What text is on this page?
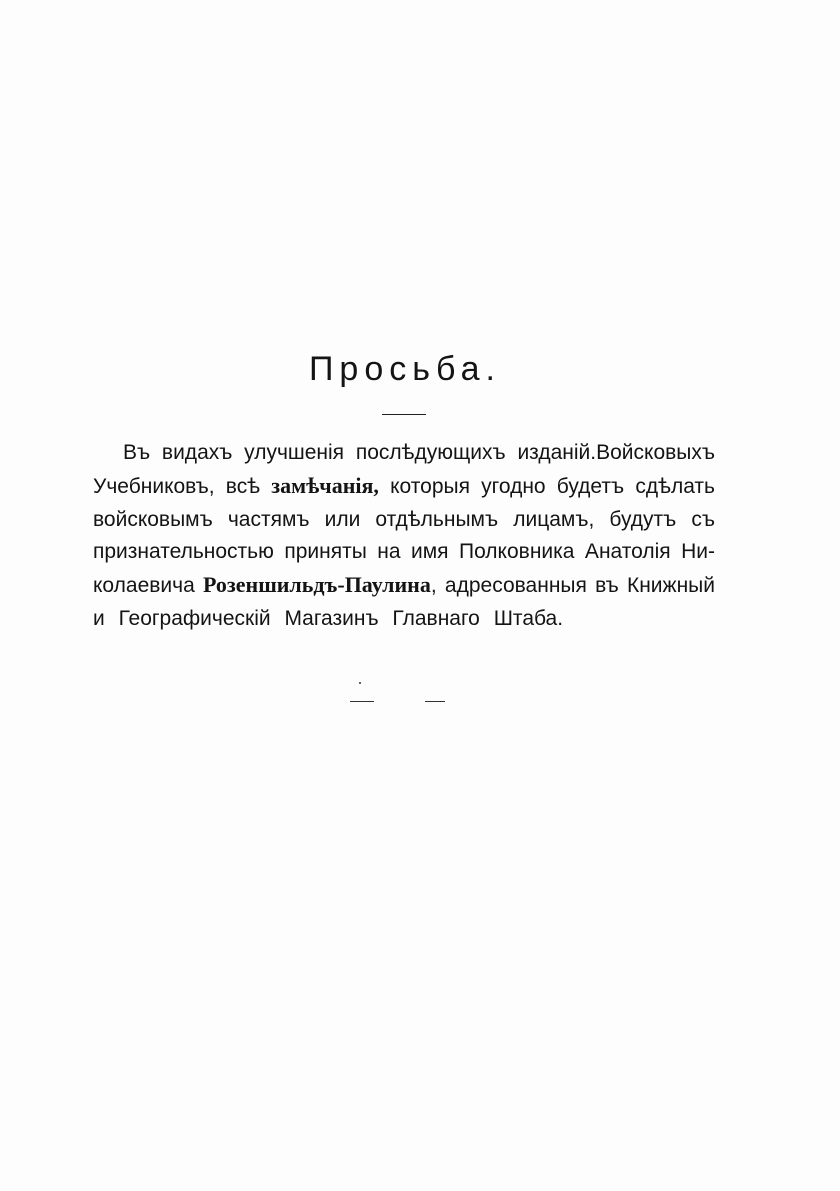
Просьба.
Въ видахъ улучшенія послѣдующихъ изданій.Войсковыхъ
Учебниковъ, всѣ замѣчанія, которыя угодно будетъ сдѣлать
войсковымъ частямъ или отдѣльнымъ лицамъ, будутъ съ
признательностью приняты на имя Полковника Анатолія Ни-
колаевича Розеншильдъ-Паулина, адресованныя въ Книжный
и Географическій Магазинъ Главнаго Штаба.
